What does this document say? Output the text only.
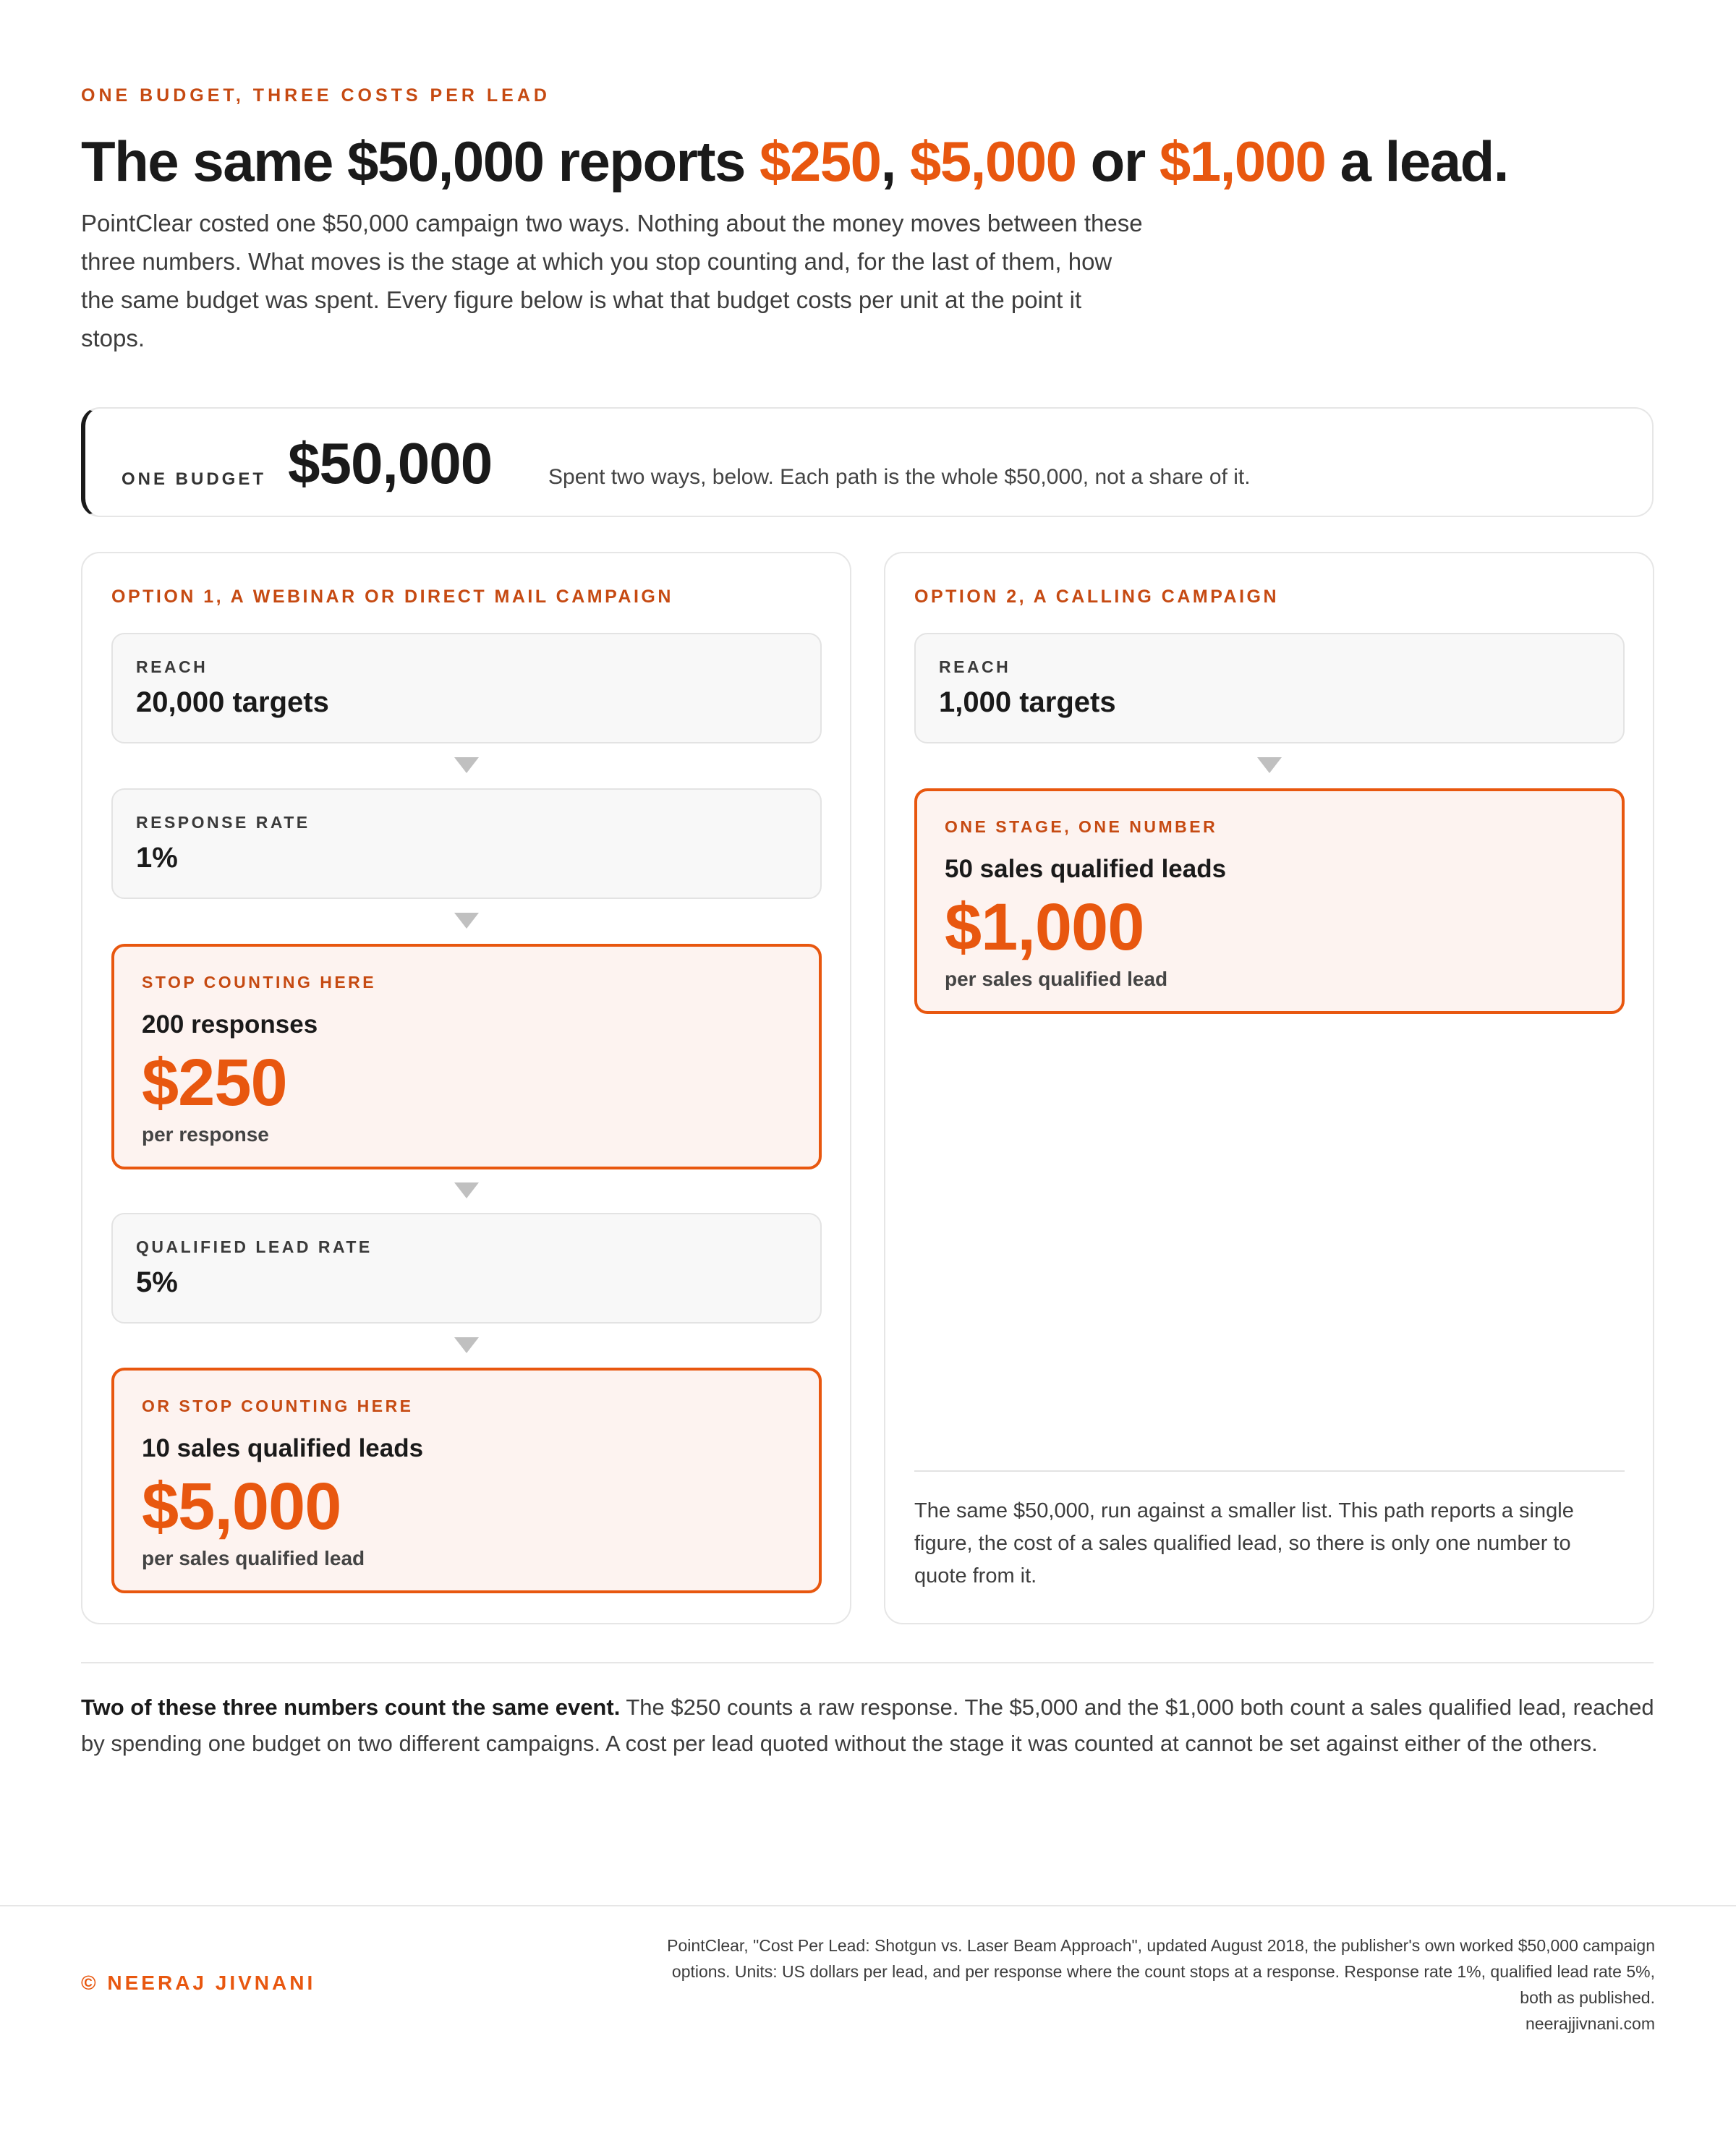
ONE BUDGET, THREE COSTS PER LEAD
The same $50,000 reports $250, $5,000 or $1,000 a lead.

PointClear costed one $50,000 campaign two ways. Nothing about the money moves between these three numbers. What moves is the stage at which you stop counting and, for the last of them, how the same budget was spent. Every figure below is what that budget costs per unit at the point it stops.

ONE BUDGET $50,000	Spent two ways, below. Each path is the whole $50,000, not a share of it.
OPTION 1, A WEBINAR OR DIRECT MAIL CAMPAIGN
REACH
20,000 targets
RESPONSE RATE
1%
STOP COUNTING HERE
200 responses
$250
per response
QUALIFIED LEAD RATE
5%
OR STOP COUNTING HERE
10 sales qualified leads
$5,000
per sales qualified lead
OPTION 2, A CALLING CAMPAIGN
REACH
1,000 targets
ONE STAGE, ONE NUMBER
50 sales qualified leads
$1,000
per sales qualified lead

The same $50,000, run against a smaller list. This path reports a single figure, the cost of a sales qualified lead, so there is only one number to quote from it.

Two of these three numbers count the same event. The $250 counts a raw response. The $5,000 and the $1,000 both count a sales qualified lead, reached by spending one budget on two different campaigns. A cost per lead quoted without the stage it was counted at cannot be set against either of the others.

© NEERAJ JIVNANI

PointClear, "Cost Per Lead: Shotgun vs. Laser Beam Approach", updated August 2018, the publisher's own worked $50,000 campaign options. Units: US dollars per lead, and per response where the count stops at a response. Response rate 1%, qualified lead rate 5%, both as published.
neerajjivnani.com
